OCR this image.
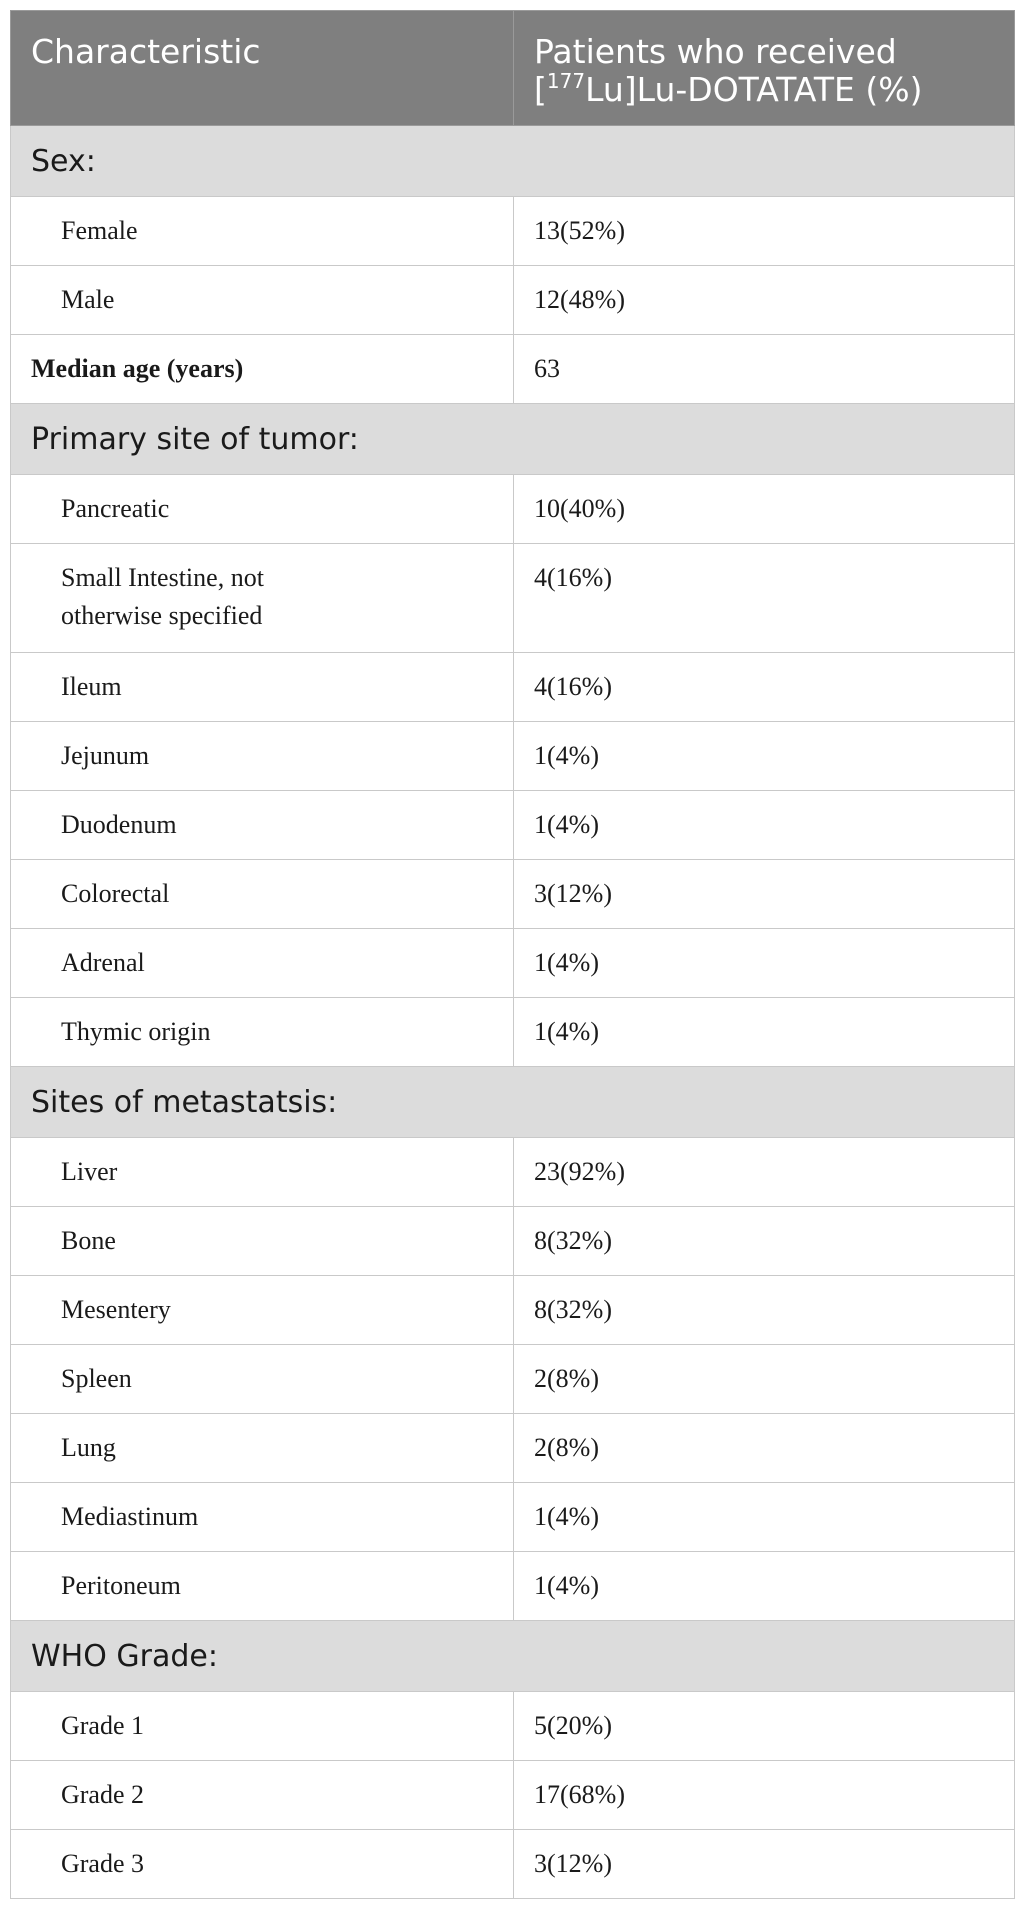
Characteristic	Patients who received
[$^{177}$Lu]Lu-DOTATATE (%)
Sex:	
Female	13(52%)
Male	12(48%)
Median age (years)	63
Primary site of tumor:	
Pancreatic	10(40%)
Small Intestine, not
otherwise specified	4(16%)
Ileum	4(16%)
Jejunum	1(4%)
Duodenum	1(4%)
Colorectal	3(12%)
Adrenal	1(4%)
Thymic origin	1(4%)
Sites of metastatsis:	
Liver	23(92%)
Bone	8(32%)
Mesentery	8(32%)
Spleen	2(8%)
Lung	2(8%)
Mediastinum	1(4%)
Peritoneum	1(4%)
WHO Grade:	
Grade 1	5(20%)
Grade 2	17(68%)
Grade 3	3(12%)
